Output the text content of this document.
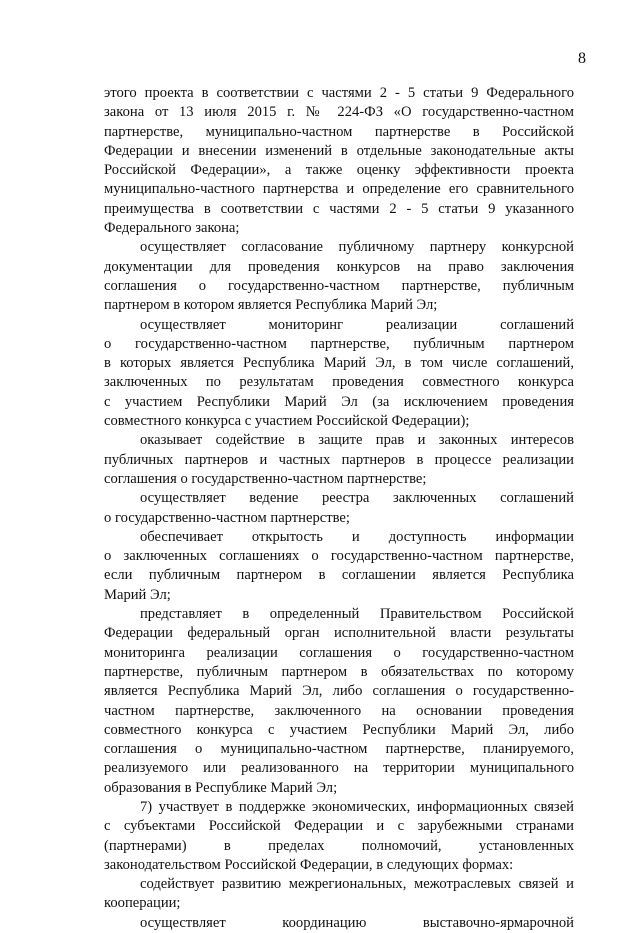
8
этого проекта в соответствии с частями 2 - 5 статьи 9 Федерального
закона от 13 июля 2015 г. № 224-ФЗ «О государственно-частном
партнерстве, муниципально-частном партнерстве в Российской
Федерации и внесении изменений в отдельные законодательные акты
Российской Федерации», а также оценку эффективности проекта
муниципально-частного партнерства и определение его сравнительного
преимущества в соответствии с частями 2 - 5 статьи 9 указанного
Федерального закона;
осуществляет согласование публичному партнеру конкурсной
документации для проведения конкурсов на право заключения
соглашения о государственно-частном партнерстве, публичным
партнером в котором является Республика Марий Эл;
осуществляет мониторинг реализации соглашений
о государственно-частном партнерстве, публичным партнером
в которых является Республика Марий Эл, в том числе соглашений,
заключенных по результатам проведения совместного конкурса
с участием Республики Марий Эл (за исключением проведения
совместного конкурса с участием Российской Федерации);
оказывает содействие в защите прав и законных интересов
публичных партнеров и частных партнеров в процессе реализации
соглашения о государственно-частном партнерстве;
осуществляет ведение реестра заключенных соглашений
о государственно-частном партнерстве;
обеспечивает открытость и доступность информации
о заключенных соглашениях о государственно-частном партнерстве,
если публичным партнером в соглашении является Республика
Марий Эл;
представляет в определенный Правительством Российской
Федерации федеральный орган исполнительной власти результаты
мониторинга реализации соглашения о государственно-частном
партнерстве, публичным партнером в обязательствах по которому
является Республика Марий Эл, либо соглашения о государственно-
частном партнерстве, заключенного на основании проведения
совместного конкурса с участием Республики Марий Эл, либо
соглашения о муниципально-частном партнерстве, планируемого,
реализуемого или реализованного на территории муниципального
образования в Республике Марий Эл;
7) участвует в поддержке экономических, информационных связей
с субъектами Российской Федерации и с зарубежными странами
(партнерами) в пределах полномочий, установленных
законодательством Российской Федерации, в следующих формах:
содействует развитию межрегиональных, межотраслевых связей и
кооперации;
осуществляет координацию выставочно-ярмарочной
